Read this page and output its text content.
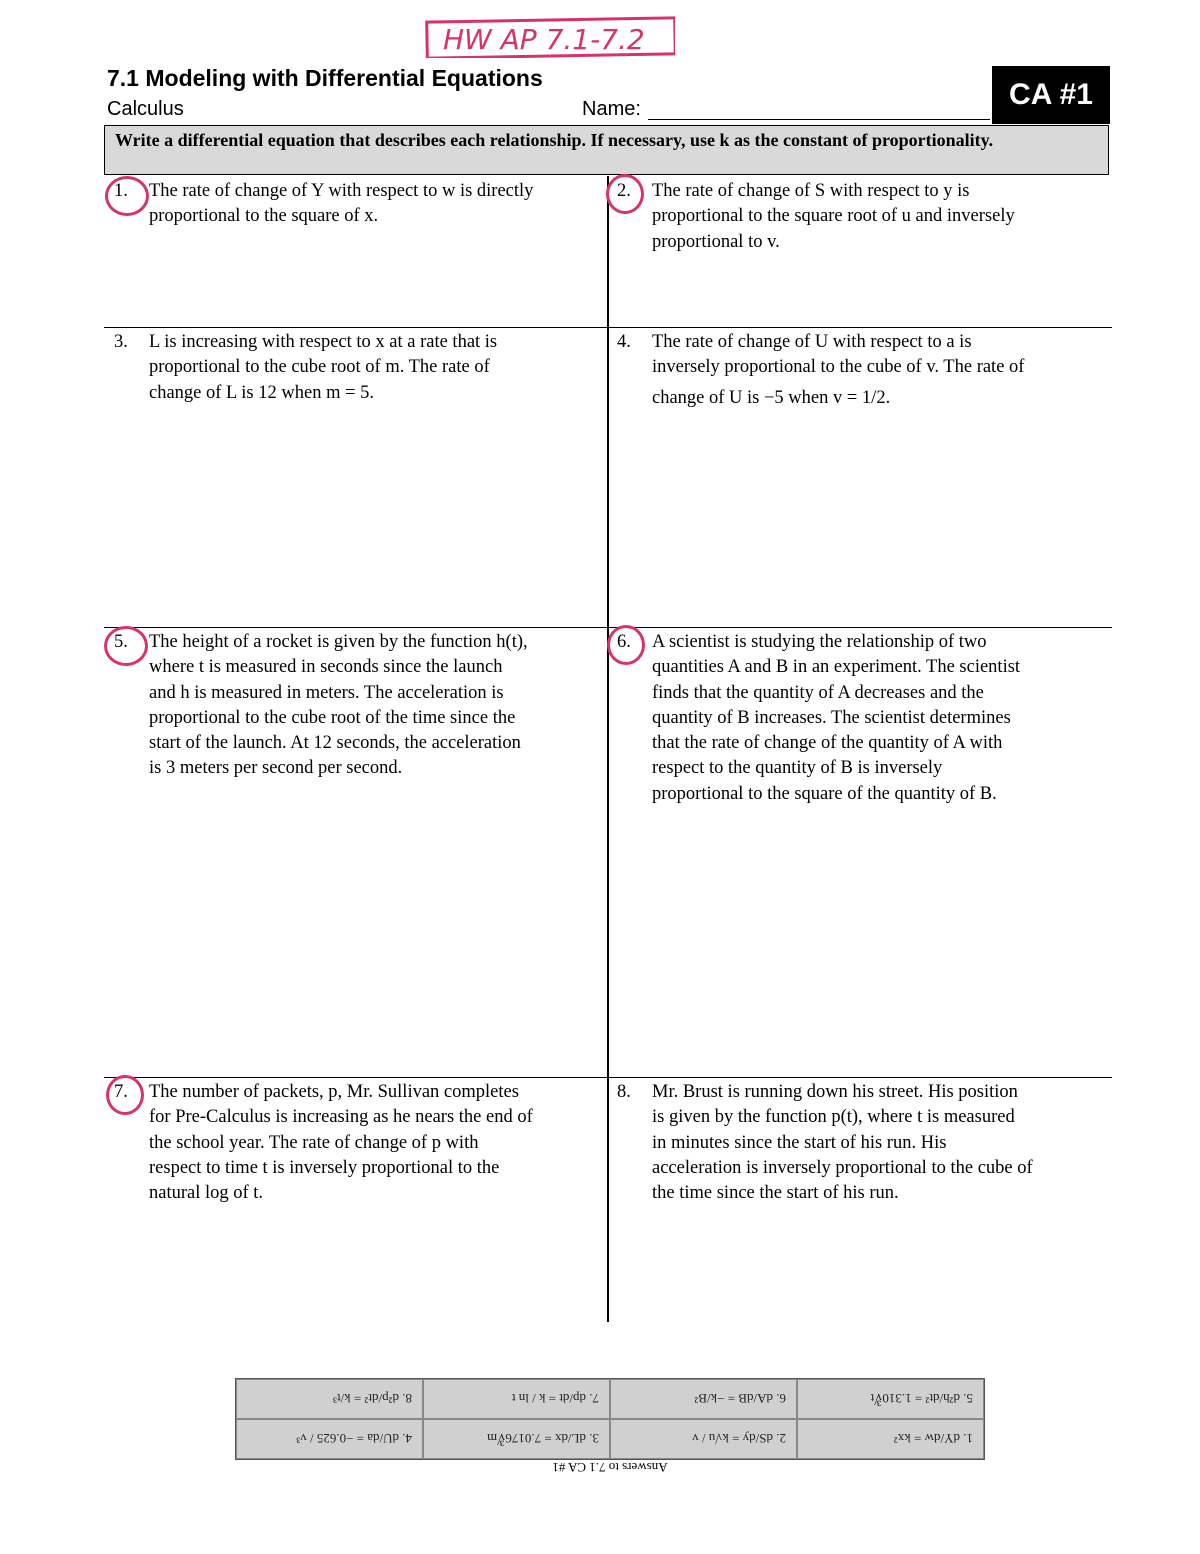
HW AP 7.1-7.2
7.1 Modeling with Differential Equations
Calculus	Name:	CA #1
Write a differential equation that describes each relationship. If necessary, use k as the constant of proportionality.
1. The rate of change of Y with respect to w is directly
proportional to the square of x.
2. The rate of change of S with respect to y is
proportional to the square root of u and inversely
proportional to v.
3. L is increasing with respect to x at a rate that is
proportional to the cube root of m. The rate of
change of L is 12 when m = 5.
4. The rate of change of U with respect to a is
inversely proportional to the cube of v. The rate of
change of U is −5 when v = 1/2.
5. The height of a rocket is given by the function h(t),
where t is measured in seconds since the launch
and h is measured in meters. The acceleration is
proportional to the cube root of the time since the
start of the launch. At 12 seconds, the acceleration
is 3 meters per second per second.
6. A scientist is studying the relationship of two
quantities A and B in an experiment. The scientist
finds that the quantity of A decreases and the
quantity of B increases. The scientist determines
that the rate of change of the quantity of A with
respect to the quantity of B is inversely
proportional to the square of the quantity of B.
7. The number of packets, p, Mr. Sullivan completes
for Pre-Calculus is increasing as he nears the end of
the school year. The rate of change of p with
respect to time t is inversely proportional to the
natural log of t.
8. Mr. Brust is running down his street. His position
is given by the function p(t), where t is measured
in minutes since the start of his run. His
acceleration is inversely proportional to the cube of
the time since the start of his run.
1. dY/dw = kx²
2. dS/dy = k√u / v
3. dL/dx = 7.0176∛m
4. dU/da = −0.625 / v³
5. d²h/dt² = 1.310∛t
6. dA/dB = −k/B²
7. dp/dt = k / ln t
8. d²p/dt² = k/t³
Answers to 7.1 CA #1
